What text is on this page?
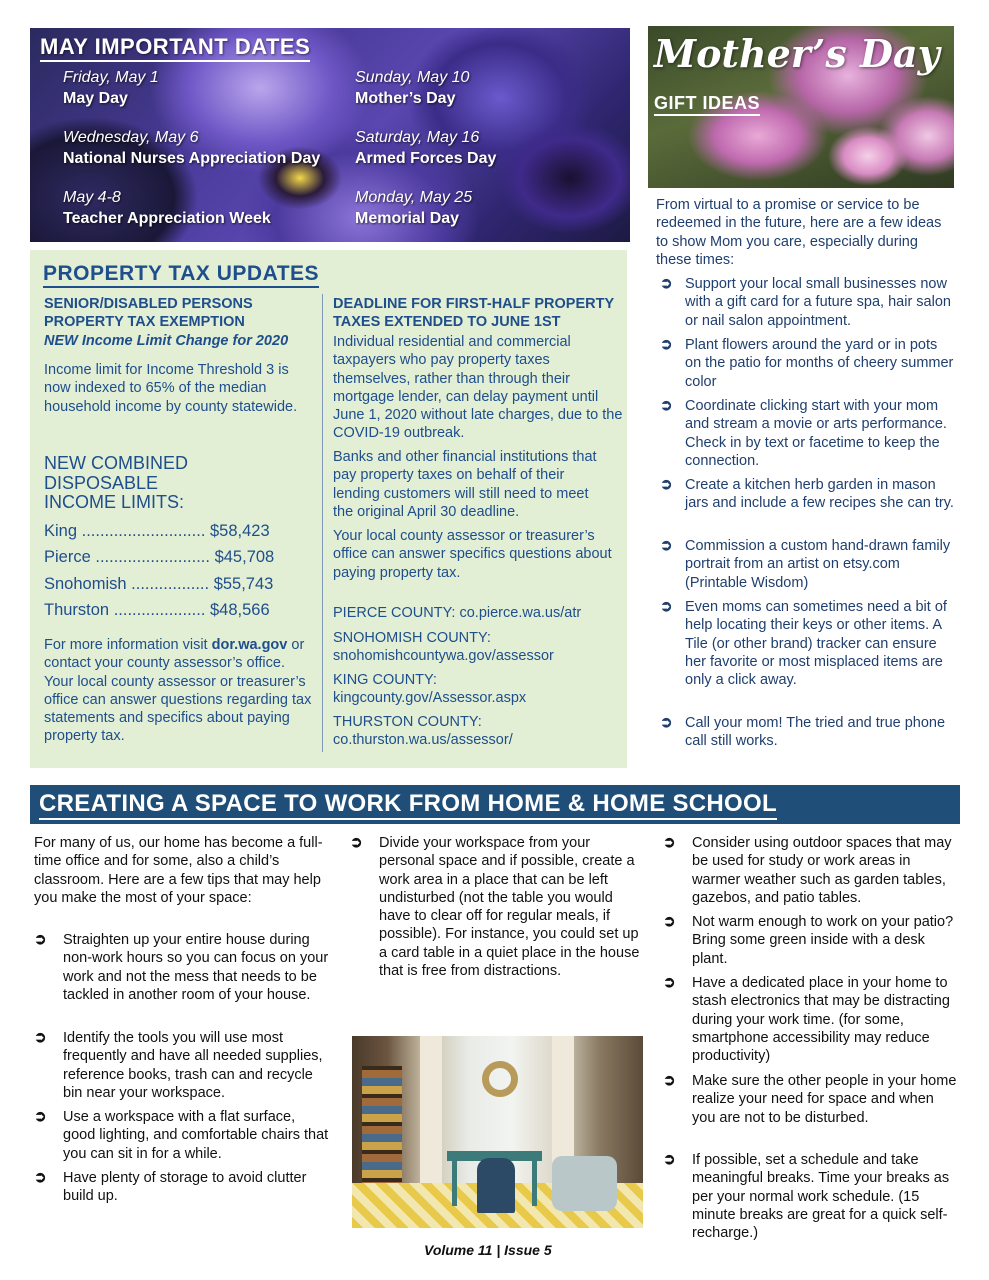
MAY IMPORTANT DATES
Friday, May 1
May Day
Sunday, May 10
Mother’s Day
Wednesday, May 6
National Nurses Appreciation Day
Saturday, May 16
Armed Forces Day
May 4-8
Teacher Appreciation Week
Monday, May 25
Memorial Day
Mother’s Day
GIFT IDEAS
From virtual to a promise or service to be redeemed in the future, here are a few ideas to show Mom you care, especially during these times:
➲ Support your local small businesses now with a gift card for a future spa, hair salon or nail salon appointment.
➲ Plant flowers around the yard or in pots on the patio for months of cheery summer color
➲ Coordinate clicking start with your mom and stream a movie or arts performance. Check in by text or facetime to keep the connection.
➲ Create a kitchen herb garden in mason jars and include a few recipes she can try.
➲ Commission a custom hand-drawn family portrait from an artist on etsy.com (Printable Wisdom)
➲ Even moms can sometimes need a bit of help locating their keys or other items. A Tile (or other brand) tracker can ensure her favorite or most misplaced items are only a click away.
➲ Call your mom! The tried and true phone call still works.
PROPERTY TAX UPDATES
SENIOR/DISABLED PERSONS
PROPERTY TAX EXEMPTION
NEW Income Limit Change for 2020
Income limit for Income Threshold 3 is now indexed to 65% of the median household income by county statewide.
NEW COMBINED
DISPOSABLE
INCOME LIMITS:
King ........................... $58,423
Pierce ......................... $45,708
Snohomish ................. $55,743
Thurston .................... $48,566
For more information visit dor.wa.gov or contact your county assessor’s office. Your local county assessor or treasurer’s office can answer questions regarding tax statements and specifics about paying property tax.
DEADLINE FOR FIRST-HALF PROPERTY
TAXES EXTENDED TO JUNE 1ST
Individual residential and commercial taxpayers who pay property taxes themselves, rather than through their mortgage lender, can delay payment until June 1, 2020 without late charges, due to the COVID-19 outbreak.
Banks and other financial institutions that pay property taxes on behalf of their lending customers will still need to meet the original April 30 deadline.
Your local county assessor or treasurer’s office can answer specifics questions about paying property tax.
PIERCE COUNTY: co.pierce.wa.us/atr
SNOHOMISH COUNTY:
snohomishcountywa.gov/assessor
KING COUNTY:
kingcounty.gov/Assessor.aspx
THURSTON COUNTY:
co.thurston.wa.us/assessor/
CREATING A SPACE TO WORK FROM HOME & HOME SCHOOL
For many of us, our home has become a full-time office and for some, also a child’s classroom. Here are a few tips that may help you make the most of your space:
➲ Straighten up your entire house during non-work hours so you can focus on your work and not the mess that needs to be tackled in another room of your house.
➲ Identify the tools you will use most frequently and have all needed supplies, reference books, trash can and recycle bin near your workspace.
➲ Use a workspace with a flat surface, good lighting, and comfortable chairs that you can sit in for a while.
➲ Have plenty of storage to avoid clutter build up.
➲ Divide your workspace from your personal space and if possible, create a work area in a place that can be left undisturbed (not the table you would have to clear off for regular meals, if possible). For instance, you could set up a card table in a quiet place in the house that is free from distractions.
➲ Consider using outdoor spaces that may be used for study or work areas in warmer weather such as garden tables, gazebos, and patio tables.
➲ Not warm enough to work on your patio? Bring some green inside with a desk plant.
➲ Have a dedicated place in your home to stash electronics that may be distracting during your work time. (for some, smartphone accessibility may reduce productivity)
➲ Make sure the other people in your home realize your need for space and when you are not to be disturbed.
➲ If possible, set a schedule and take meaningful breaks. Time your breaks as per your normal work schedule. (15 minute breaks are great for a quick self-recharge.)
Volume 11 | Issue 5
